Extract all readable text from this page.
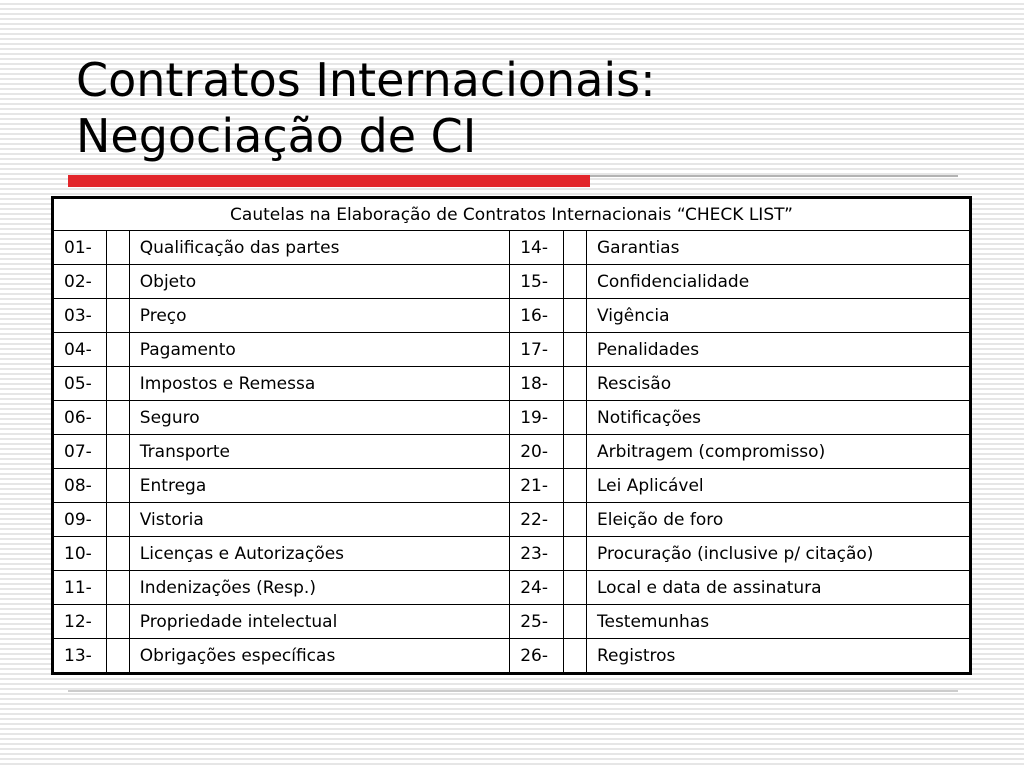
Contratos Internacionais:
Negociação de CI
Cautelas na Elaboração de Contratos Internacionais “CHECK LIST”					
01-		Qualificação das partes	14-		Garantias
02-		Objeto	15-		Confidencialidade
03-		Preço	16-		Vigência
04-		Pagamento	17-		Penalidades
05-		Impostos e Remessa	18-		Rescisão
06-		Seguro	19-		Notificações
07-		Transporte	20-		Arbitragem (compromisso)
08-		Entrega	21-		Lei Aplicável
09-		Vistoria	22-		Eleição de foro
10-		Licenças e Autorizações	23-		Procuração (inclusive p/ citação)
11-		Indenizações (Resp.)	24-		Local e data de assinatura
12-		Propriedade intelectual	25-		Testemunhas
13-		Obrigações específicas	26-		Registros
